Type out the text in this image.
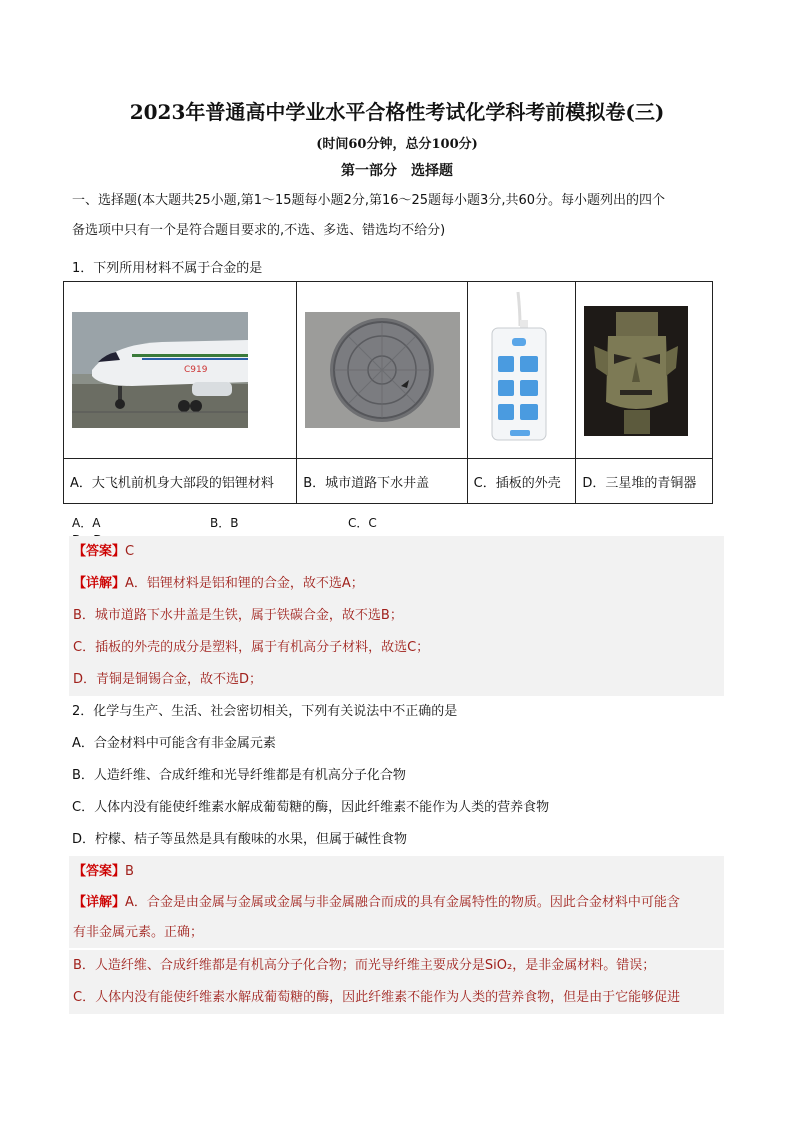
2023年普通高中学业水平合格性考试化学科考前模拟卷(三)
(时间60分钟，总分100分)
第一部分　选择题
一、选择题(本大题共25小题,第1～15题每小题2分,第16～25题每小题3分,共60分。每小题列出的四个
备选项中只有一个是符合题目要求的,不选、多选、错选均不给分)
1．下列所用材料不属于合金的是
C919

A．大飞机前机身大部段的铝锂材料	B．城市道路下水井盖	C．插板的外壳	D．三星堆的青铜器
A．A	B．B	C．C
【答案】C
【详解】A．铝锂材料是铝和锂的合金，故不选A；
B．城市道路下水井盖是生铁，属于铁碳合金，故不选B；
C．插板的外壳的成分是塑料，属于有机高分子材料，故选C；
D．青铜是铜锡合金，故不选D；
2．化学与生产、生活、社会密切相关，下列有关说法中不正确的是
A．合金材料中可能含有非金属元素
B．人造纤维、合成纤维和光导纤维都是有机高分子化合物
C．人体内没有能使纤维素水解成葡萄糖的酶，因此纤维素不能作为人类的营养食物
D．柠檬、桔子等虽然是具有酸味的水果，但属于碱性食物
【答案】B
【详解】A．合金是由金属与金属或金属与非金属融合而成的具有金属特性的物质。因此合金材料中可能含
有非金属元素。正确；
B．人造纤维、合成纤维都是有机高分子化合物；而光导纤维主要成分是SiO₂，是非金属材料。错误；
C．人体内没有能使纤维素水解成葡萄糖的酶，因此纤维素不能作为人类的营养食物，但是由于它能够促进
